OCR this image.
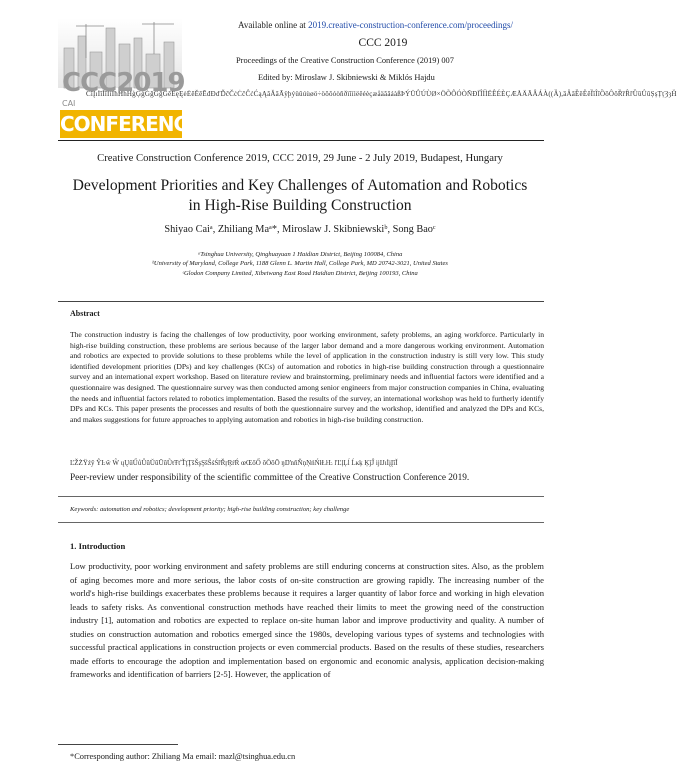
Available online at 2019.creative-construction-conference.com/proceedings/
CCC 2019
Proceedings of the Creative Construction Conference (2019) 007
Edited by: Miroslaw J. Skibniewski & Miklós Hajdu
ƇĭĮıİĭĬīĪĩĨħĦĥĤģĢġĠğĞĝĜěĚęĘėĖĕĔēĒđĐďĎčČċĊĉĈćĆąĄăĂāĀÿþýüûúùøö÷öõôóòñðïîíìëêéèçæåäãâáàßÞÝÜÛÚÙØ×ÖÕÔÓÒÑÐÏÎÍÌËÊÉÈÇÆÅÄÃÂÁÀ((Ȁ),ȁȂȃȄȅȆȇȈȉȊȋȌȍȎȏȐȑȒȓȔȕȖȗȘșȚțȜȝȞ
CCC2019
CAI
CONFERENCE
Creative Construction Conference 2019, CCC 2019, 29 June - 2 July 2019, Budapest, Hungary
Development Priorities and Key Challenges of Automation and Robotics in High-Rise Building Construction
Shiyao Caiᵃ, Zhiliang Maᵃ*, Miroslaw J. Skibniewskiᵇ, Song Baoᶜ
ᵃTsinghua University, Qinghuayuan 1 Haidian District, Beijing 100084, China
ᵇUniversity of Maryland, College Park, 1188 Glenn L. Martin Hall, College Park, MD 20742-3021, United States
ᶜGlodon Company Limited, Xibeiwang East Road Haidian District, Beijing 100193, China
Abstract
The construction industry is facing the challenges of low productivity, poor working environment, safety problems, an aging workforce. Particularly in high-rise building construction, these problems are serious because of the larger labor demand and a more dangerous working environment. Automation and robotics are expected to provide solutions to these problems while the level of application in the construction industry is still very low. This study identified development priorities (DPs) and key challenges (KCs) of automation and robotics in high-rise building construction through a questionnaire survey and an international expert workshop. Based on literature review and brainstorming, preliminary needs and influential factors were identified and a questionnaire was designed. The questionnaire survey was then conducted among senior engineers from major construction companies in China, evaluating the needs and influential factors related to robotics implementation. Based the results of the survey, an international workshop was held to furtherly identify DPs and KCs. This paper presents the processes and results of both the questionnaire survey and the workshop, identified and analyzed the DPs and KCs, and makes suggestions for future approaches to applying automation and robotics in high-rise building construction.
ĽŽŻŸźŷ ŶĿŵ Ŵ ųŲűŰůŮŭŬūŪũŨŧŦťŤţŢšŠşŞŝŜśŚřŘŗŖŕŔ œŒőŐ ŏŎōŌ ŋŊŉňŇņŅńŃłŁŀĿ ľĽļĻĺ Ĺĸķ ĶĵĴ ĳĲıİįĮĭĬ
Peer-review under responsibility of the scientific committee of the Creative Construction Conference 2019.
Keywords: automation and robotics; development priority; high-rise building construction; key challenge
1. Introduction
Low productivity, poor working environment and safety problems are still enduring concerns at construction sites. Also, as the problem of aging becomes more and more serious, the labor costs of on-site construction are growing rapidly. The increasing number of the world's high-rise buildings exacerbates these problems because it requires a larger quantity of labor force and working in high elevation leads to safety risks. As conventional construction methods have reached their limits to meet the growing need of the construction industry [1], automation and robotics are expected to replace on-site human labor and improve productivity and quality. A number of studies on construction automation and robotics emerged since the 1980s, developing various types of systems and technologies with successful practical applications in construction projects or even commercial products. Based on the results of these studies, researchers made efforts to encourage the adoption and implementation based on ergonomic and economic analysis, application decision-making frameworks and identification of barriers [2-5]. However, the application of
*Corresponding author: Zhiliang Ma email: mazl@tsinghua.edu.cn
